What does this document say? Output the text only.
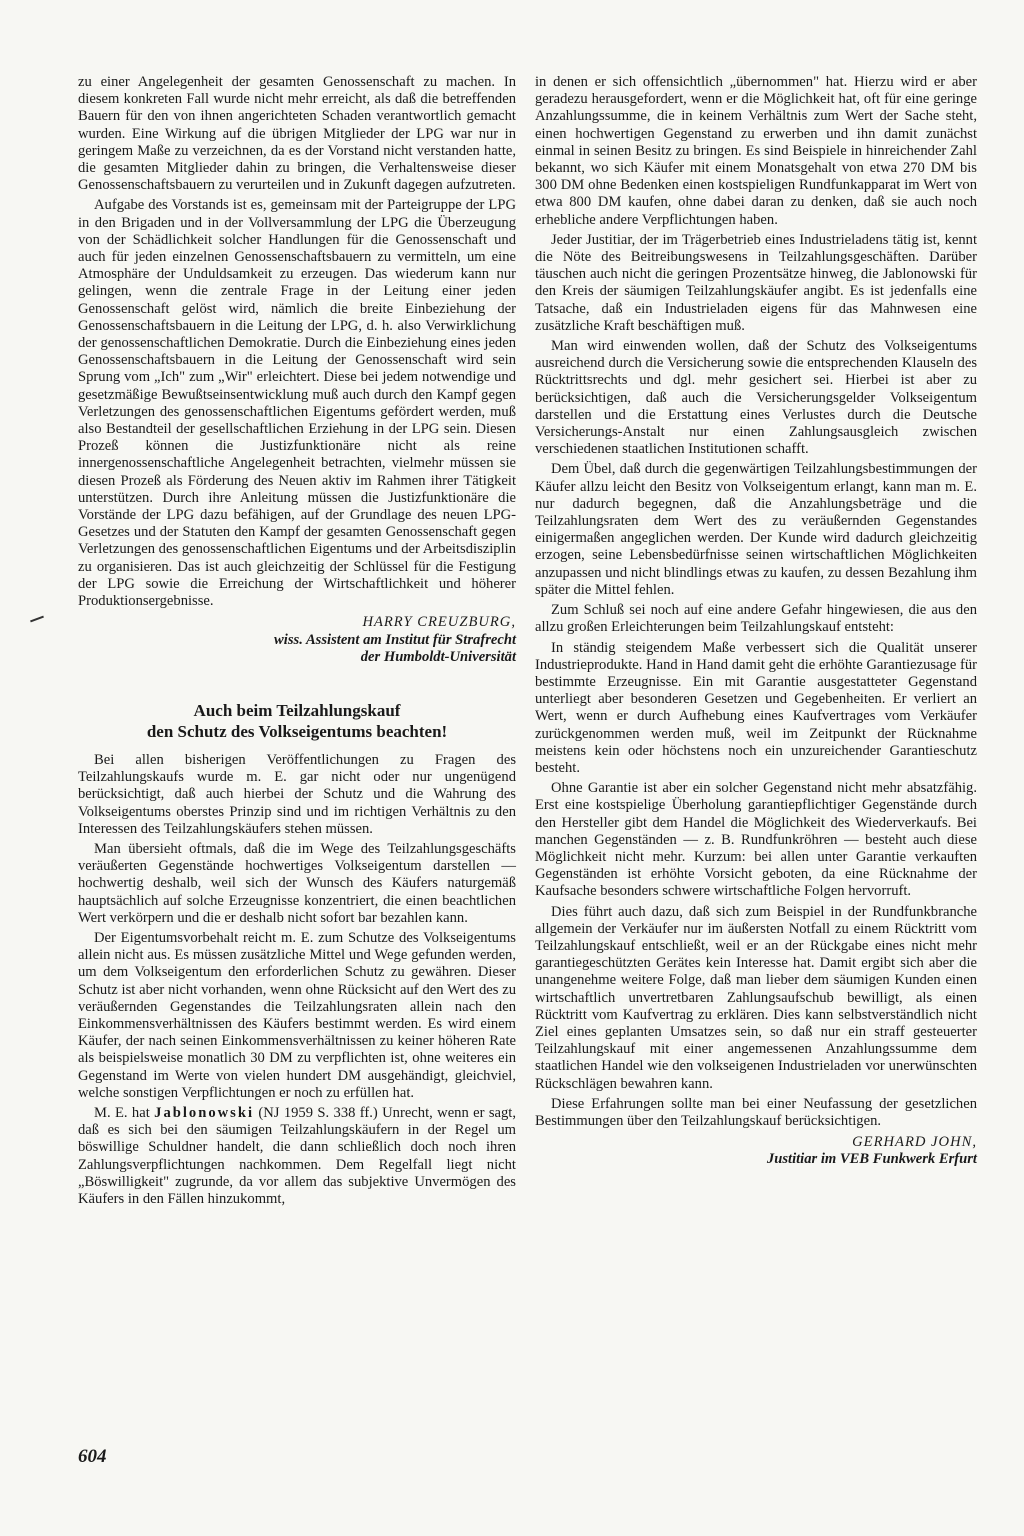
zu einer Angelegenheit der gesamten Genossenschaft zu machen. In diesem konkreten Fall wurde nicht mehr erreicht, als daß die betreffenden Bauern für den von ihnen angerichteten Schaden verantwortlich gemacht wurden. Eine Wirkung auf die übrigen Mitglieder der LPG war nur in geringem Maße zu verzeichnen, da es der Vorstand nicht verstanden hatte, die gesamten Mitglieder dahin zu bringen, die Verhaltensweise dieser Genossenschaftsbauern zu verurteilen und in Zukunft dagegen aufzutreten.

Aufgabe des Vorstands ist es, gemeinsam mit der Parteigruppe der LPG in den Brigaden und in der Vollversammlung der LPG die Überzeugung von der Schädlichkeit solcher Handlungen für die Genossenschaft und auch für jeden einzelnen Genossenschaftsbauern zu vermitteln, um eine Atmosphäre der Unduldsamkeit zu erzeugen. Das wiederum kann nur gelingen, wenn die zentrale Frage in der Leitung einer jeden Genossenschaft gelöst wird, nämlich die breite Einbeziehung der Genossenschaftsbauern in die Leitung der LPG, d. h. also Verwirklichung der genossenschaftlichen Demokratie. Durch die Einbeziehung eines jeden Genossenschaftsbauern in die Leitung der Genossenschaft wird sein Sprung vom „Ich" zum „Wir" erleichtert. Diese bei jedem notwendige und gesetzmäßige Bewußtseinsentwicklung muß auch durch den Kampf gegen Verletzungen des genossenschaftlichen Eigentums gefördert werden, muß also Bestandteil der gesellschaftlichen Erziehung in der LPG sein. Diesen Prozeß können die Justizfunktionäre nicht als reine innergenossenschaftliche Angelegenheit betrachten, vielmehr müssen sie diesen Prozeß als Förderung des Neuen aktiv im Rahmen ihrer Tätigkeit unterstützen. Durch ihre Anleitung müssen die Justizfunktionäre die Vorstände der LPG dazu befähigen, auf der Grundlage des neuen LPG-Gesetzes und der Statuten den Kampf der gesamten Genossenschaft gegen Verletzungen des genossenschaftlichen Eigentums und der Arbeitsdisziplin zu organisieren. Das ist auch gleichzeitig der Schlüssel für die Festigung der LPG sowie die Erreichung der Wirtschaftlichkeit und höherer Produktionsergebnisse.

HARRY CREUZBURG,
wiss. Assistent am Institut für Strafrecht
der Humboldt-Universität
Auch beim Teilzahlungskauf
den Schutz des Volkseigentums beachten!

Bei allen bisherigen Veröffentlichungen zu Fragen des Teilzahlungskaufs wurde m. E. gar nicht oder nur ungenügend berücksichtigt, daß auch hierbei der Schutz und die Wahrung des Volkseigentums oberstes Prinzip sind und im richtigen Verhältnis zu den Interessen des Teilzahlungskäufers stehen müssen.

Man übersieht oftmals, daß die im Wege des Teilzahlungsgeschäfts veräußerten Gegenstände hochwertiges Volkseigentum darstellen — hochwertig deshalb, weil sich der Wunsch des Käufers naturgemäß hauptsächlich auf solche Erzeugnisse konzentriert, die einen beachtlichen Wert verkörpern und die er deshalb nicht sofort bar bezahlen kann.

Der Eigentumsvorbehalt reicht m. E. zum Schutze des Volkseigentums allein nicht aus. Es müssen zusätzliche Mittel und Wege gefunden werden, um dem Volkseigentum den erforderlichen Schutz zu gewähren. Dieser Schutz ist aber nicht vorhanden, wenn ohne Rücksicht auf den Wert des zu veräußernden Gegenstandes die Teilzahlungsraten allein nach den Einkommensverhältnissen des Käufers bestimmt werden. Es wird einem Käufer, der nach seinen Einkommensverhältnissen zu keiner höheren Rate als beispielsweise monatlich 30 DM zu verpflichten ist, ohne weiteres ein Gegenstand im Werte von vielen hundert DM ausgehändigt, gleichviel, welche sonstigen Verpflichtungen er noch zu erfüllen hat.

M. E. hat Jablonowski (NJ 1959 S. 338 ff.) Unrecht, wenn er sagt, daß es sich bei den säumigen Teilzahlungskäufern in der Regel um böswillige Schuldner handelt, die dann schließlich doch noch ihren Zahlungsverpflichtungen nachkommen. Dem Regelfall liegt nicht „Böswilligkeit" zugrunde, da vor allem das subjektive Unvermögen des Käufers in den Fällen hinzukommt,

in denen er sich offensichtlich „übernommen" hat. Hierzu wird er aber geradezu herausgefordert, wenn er die Möglichkeit hat, oft für eine geringe Anzahlungssumme, die in keinem Verhältnis zum Wert der Sache steht, einen hochwertigen Gegenstand zu erwerben und ihn damit zunächst einmal in seinen Besitz zu bringen. Es sind Beispiele in hinreichender Zahl bekannt, wo sich Käufer mit einem Monatsgehalt von etwa 270 DM bis 300 DM ohne Bedenken einen kostspieligen Rundfunkapparat im Wert von etwa 800 DM kaufen, ohne dabei daran zu denken, daß sie auch noch erhebliche andere Verpflichtungen haben.

Jeder Justitiar, der im Trägerbetrieb eines Industrieladens tätig ist, kennt die Nöte des Beitreibungswesens in Teilzahlungsgeschäften. Darüber täuschen auch nicht die geringen Prozentsätze hinweg, die Jablonowski für den Kreis der säumigen Teilzahlungskäufer angibt. Es ist jedenfalls eine Tatsache, daß ein Industrieladen eigens für das Mahnwesen eine zusätzliche Kraft beschäftigen muß.

Man wird einwenden wollen, daß der Schutz des Volkseigentums ausreichend durch die Versicherung sowie die entsprechenden Klauseln des Rücktrittsrechts und dgl. mehr gesichert sei. Hierbei ist aber zu berücksichtigen, daß auch die Versicherungsgelder Volkseigentum darstellen und die Erstattung eines Verlustes durch die Deutsche Versicherungs-Anstalt nur einen Zahlungsausgleich zwischen verschiedenen staatlichen Institutionen schafft.

Dem Übel, daß durch die gegenwärtigen Teilzahlungsbestimmungen der Käufer allzu leicht den Besitz von Volkseigentum erlangt, kann man m. E. nur dadurch begegnen, daß die Anzahlungsbeträge und die Teilzahlungsraten dem Wert des zu veräußernden Gegenstandes einigermaßen angeglichen werden. Der Kunde wird dadurch gleichzeitig erzogen, seine Lebensbedürfnisse seinen wirtschaftlichen Möglichkeiten anzupassen und nicht blindlings etwas zu kaufen, zu dessen Bezahlung ihm später die Mittel fehlen.

Zum Schluß sei noch auf eine andere Gefahr hingewiesen, die aus den allzu großen Erleichterungen beim Teilzahlungskauf entsteht:

In ständig steigendem Maße verbessert sich die Qualität unserer Industrieprodukte. Hand in Hand damit geht die erhöhte Garantiezusage für bestimmte Erzeugnisse. Ein mit Garantie ausgestatteter Gegenstand unterliegt aber besonderen Gesetzen und Gegebenheiten. Er verliert an Wert, wenn er durch Aufhebung eines Kaufvertrages vom Verkäufer zurückgenommen werden muß, weil im Zeitpunkt der Rücknahme meistens kein oder höchstens noch ein unzureichender Garantieschutz besteht.

Ohne Garantie ist aber ein solcher Gegenstand nicht mehr absatzfähig. Erst eine kostspielige Überholung garantiepflichtiger Gegenstände durch den Hersteller gibt dem Handel die Möglichkeit des Wiederverkaufs. Bei manchen Gegenständen — z. B. Rundfunkröhren — besteht auch diese Möglichkeit nicht mehr. Kurzum: bei allen unter Garantie verkauften Gegenständen ist erhöhte Vorsicht geboten, da eine Rücknahme der Kaufsache besonders schwere wirtschaftliche Folgen hervorruft.

Dies führt auch dazu, daß sich zum Beispiel in der Rundfunkbranche allgemein der Verkäufer nur im äußersten Notfall zu einem Rücktritt vom Teilzahlungskauf entschließt, weil er an der Rückgabe eines nicht mehr garantiegeschützten Gerätes kein Interesse hat. Damit ergibt sich aber die unangenehme weitere Folge, daß man lieber dem säumigen Kunden einen wirtschaftlich unvertretbaren Zahlungsaufschub bewilligt, als einen Rücktritt vom Kaufvertrag zu erklären. Dies kann selbstverständlich nicht Ziel eines geplanten Umsatzes sein, so daß nur ein straff gesteuerter Teilzahlungskauf mit einer angemessenen Anzahlungssumme dem staatlichen Handel wie den volkseigenen Industrieladen vor unerwünschten Rückschlägen bewahren kann.

Diese Erfahrungen sollte man bei einer Neufassung der gesetzlichen Bestimmungen über den Teilzahlungskauf berücksichtigen.

GERHARD JOHN,
Justitiar im VEB Funkwerk Erfurt
604
